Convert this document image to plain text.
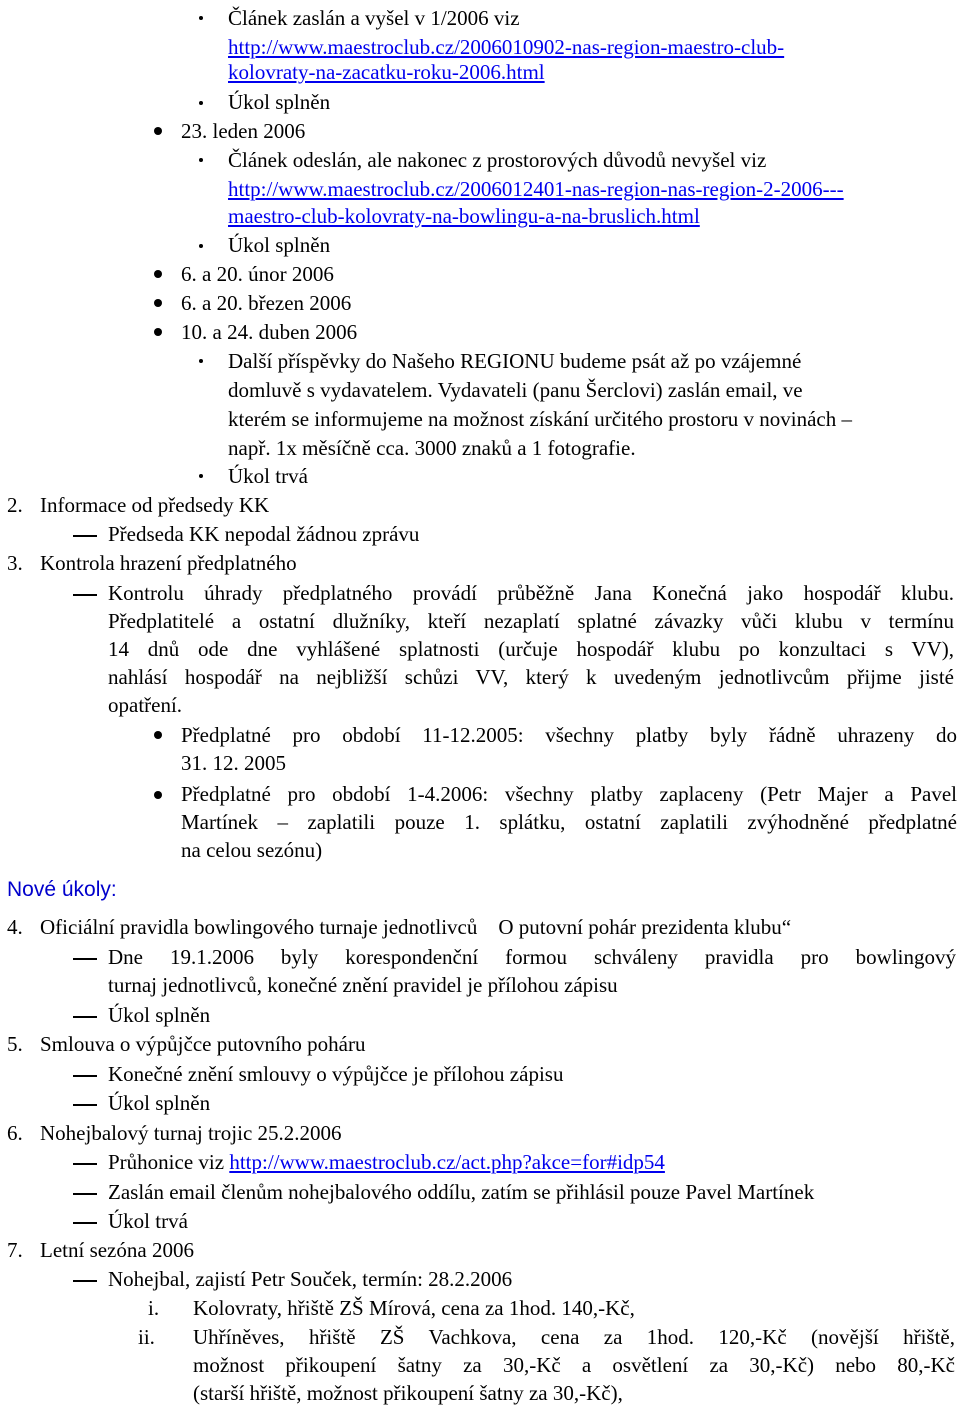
Článek zaslán a vyšel v 1/2006 viz
http://www.maestroclub.cz/2006010902-nas-region-maestro-club-
kolovraty-na-zacatku-roku-2006.html
Úkol splněn
23. leden 2006
Článek odeslán, ale nakonec z prostorových důvodů nevyšel viz
http://www.maestroclub.cz/2006012401-nas-region-nas-region-2-2006---
maestro-club-kolovraty-na-bowlingu-a-na-bruslich.html
Úkol splněn
6. a 20. únor 2006
6. a 20. březen 2006
10. a 24. duben 2006
Další příspěvky do Našeho REGIONU budeme psát až po vzájemné
domluvě s vydavatelem. Vydavateli (panu Šerclovi) zaslán email, ve
kterém se informujeme na možnost získání určitého prostoru v novinách –
např. 1x měsíčně cca. 3000 znaků a 1 fotografie.
Úkol trvá
2. Informace od předsedy KK
Předseda KK nepodal žádnou zprávu
3. Kontrola hrazení předplatného
Kontrolu úhrady předplatného provádí průběžně Jana Konečná jako hospodář klubu.
Předplatitelé a ostatní dlužníky, kteří nezaplatí splatné závazky vůči klubu v termínu
14 dnů ode dne vyhlášené splatnosti (určuje hospodář klubu po konzultaci s VV),
nahlásí hospodář na nejbližší schůzi VV, který k uvedeným jednotlivcům přijme jisté
opatření.
Předplatné pro období 11-12.2005: všechny platby byly řádně uhrazeny do
31. 12. 2005
Předplatné pro období 1-4.2006: všechny platby zaplaceny (Petr Majer a Pavel
Martínek – zaplatili pouze 1. splátku, ostatní zaplatili zvýhodněné předplatné
na celou sezónu)
Nové úkoly:
4. Oficiální pravidla bowlingového turnaje jednotlivců    O putovní pohár prezidenta klubu“
Dne 19.1.2006 byly korespondenční formou schváleny pravidla pro bowlingový
turnaj jednotlivců, konečné znění pravidel je přílohou zápisu
Úkol splněn
5. Smlouva o výpůjčce putovního poháru
Konečné znění smlouvy o výpůjčce je přílohou zápisu
Úkol splněn
6. Nohejbalový turnaj trojic 25.2.2006
Průhonice viz http://www.maestroclub.cz/act.php?akce=for#idp54
Zaslán email členům nohejbalového oddílu, zatím se přihlásil pouze Pavel Martínek
Úkol trvá
7. Letní sezóna 2006
Nohejbal, zajistí Petr Souček, termín: 28.2.2006
i. Kolovraty, hřiště ZŠ Mírová, cena za 1hod. 140,-Kč,
ii. Uhříněves, hřiště ZŠ Vachkova, cena za 1hod. 120,-Kč (novější hřiště,
možnost přikoupení šatny za 30,-Kč a osvětlení za 30,-Kč) nebo 80,-Kč
(starší hřiště, možnost přikoupení šatny za 30,-Kč),
